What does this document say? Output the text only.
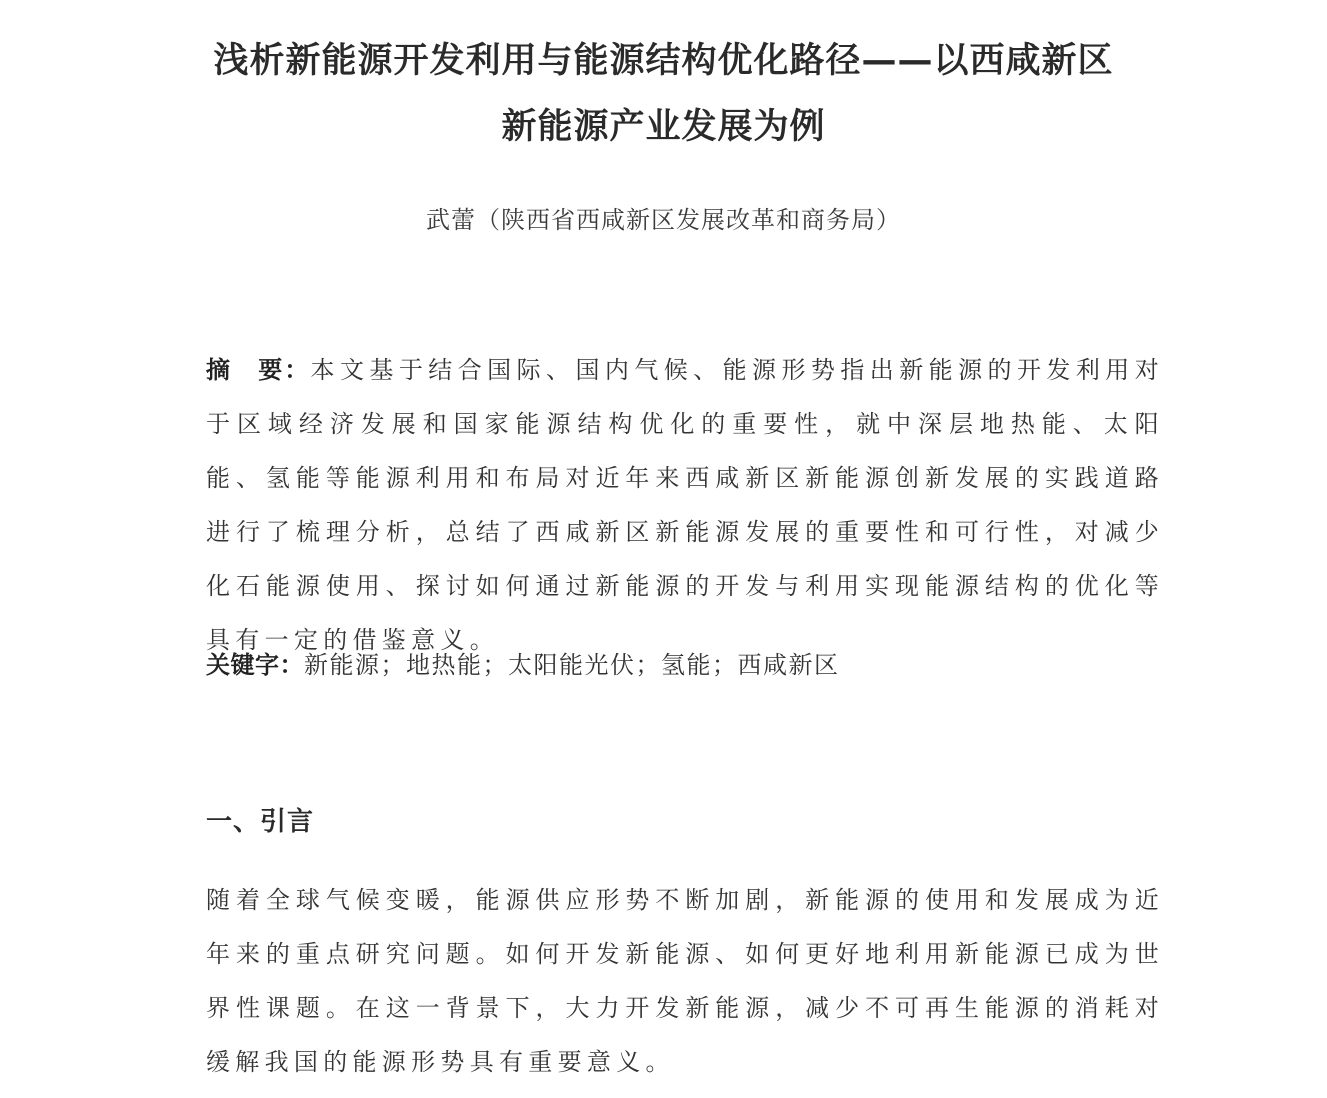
浅析新能源开发利用与能源结构优化路径——以西咸新区新能源产业发展为例

武蕾（陕西省西咸新区发展改革和商务局）

摘　要：本文基于结合国际、国内气候、能源形势指出新能源的开发利用对于区域经济发展和国家能源结构优化的重要性，就中深层地热能、太阳能、氢能等能源利用和布局对近年来西咸新区新能源创新发展的实践道路进行了梳理分析，总结了西咸新区新能源发展的重要性和可行性，对减少化石能源使用、探讨如何通过新能源的开发与利用实现能源结构的优化等具有一定的借鉴意义。

关键字：新能源；地热能；太阳能光伏；氢能；西咸新区

一、引言

随着全球气候变暖，能源供应形势不断加剧，新能源的使用和发展成为近年来的重点研究问题。如何开发新能源、如何更好地利用新能源已成为世界性课题。在这一背景下，大力开发新能源，减少不可再生能源的消耗对缓解我国的能源形势具有重要意义。
